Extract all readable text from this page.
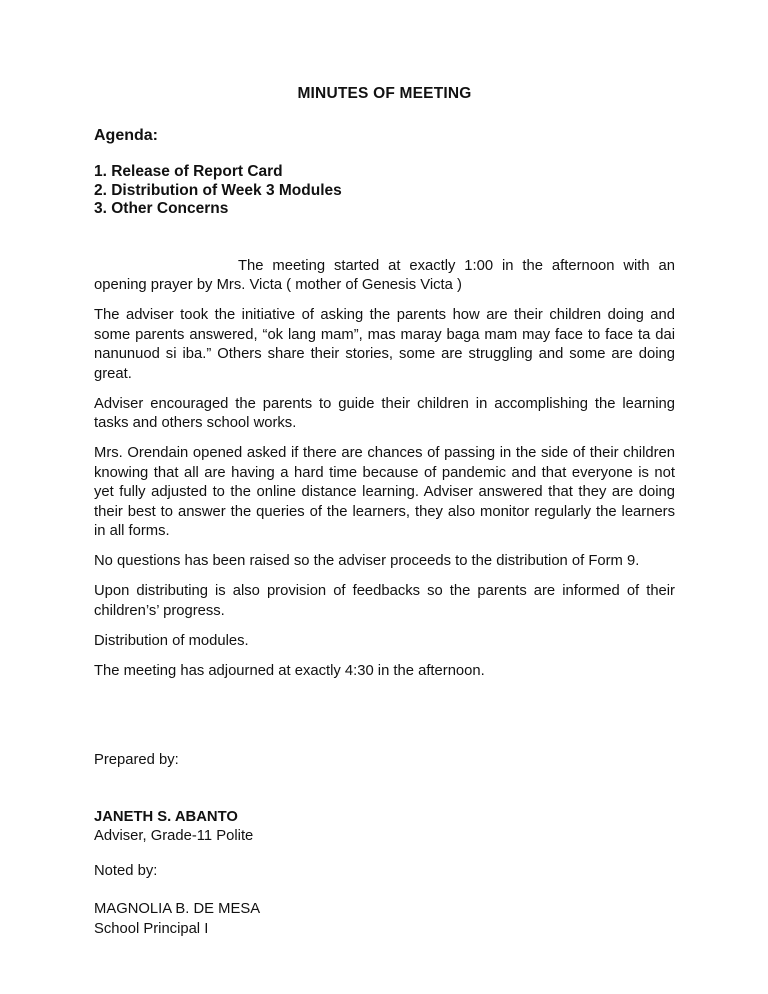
MINUTES OF MEETING
Agenda:
1. Release of Report Card
2. Distribution of Week 3 Modules
3. Other Concerns

The meeting started at exactly 1:00 in the afternoon with an opening prayer by Mrs. Victa ( mother of Genesis Victa )

The adviser took the initiative of asking the parents how are their children doing and some parents answered, “ok lang mam”, mas maray baga mam may face to face ta dai nanunuod si iba.” Others share their stories, some are struggling and some are doing great.

Adviser encouraged the parents to guide their children in accomplishing the learning tasks and others school works.

Mrs. Orendain opened asked if there are chances of passing in the side of their children knowing that all are having a hard time because of pandemic and that everyone is not yet fully adjusted to the online distance learning. Adviser answered that they are doing their best to answer the queries of the learners, they also monitor regularly the learners in all forms.

No questions has been raised so the adviser proceeds to the distribution of Form 9.

Upon distributing is also provision of feedbacks so the parents are informed of their children’s’ progress.

Distribution of modules.

The meeting has adjourned at exactly 4:30 in the afternoon.

Prepared by:
JANETH S. ABANTO
Adviser, Grade-11 Polite
Noted by:
MAGNOLIA B. DE MESA
School Principal I
